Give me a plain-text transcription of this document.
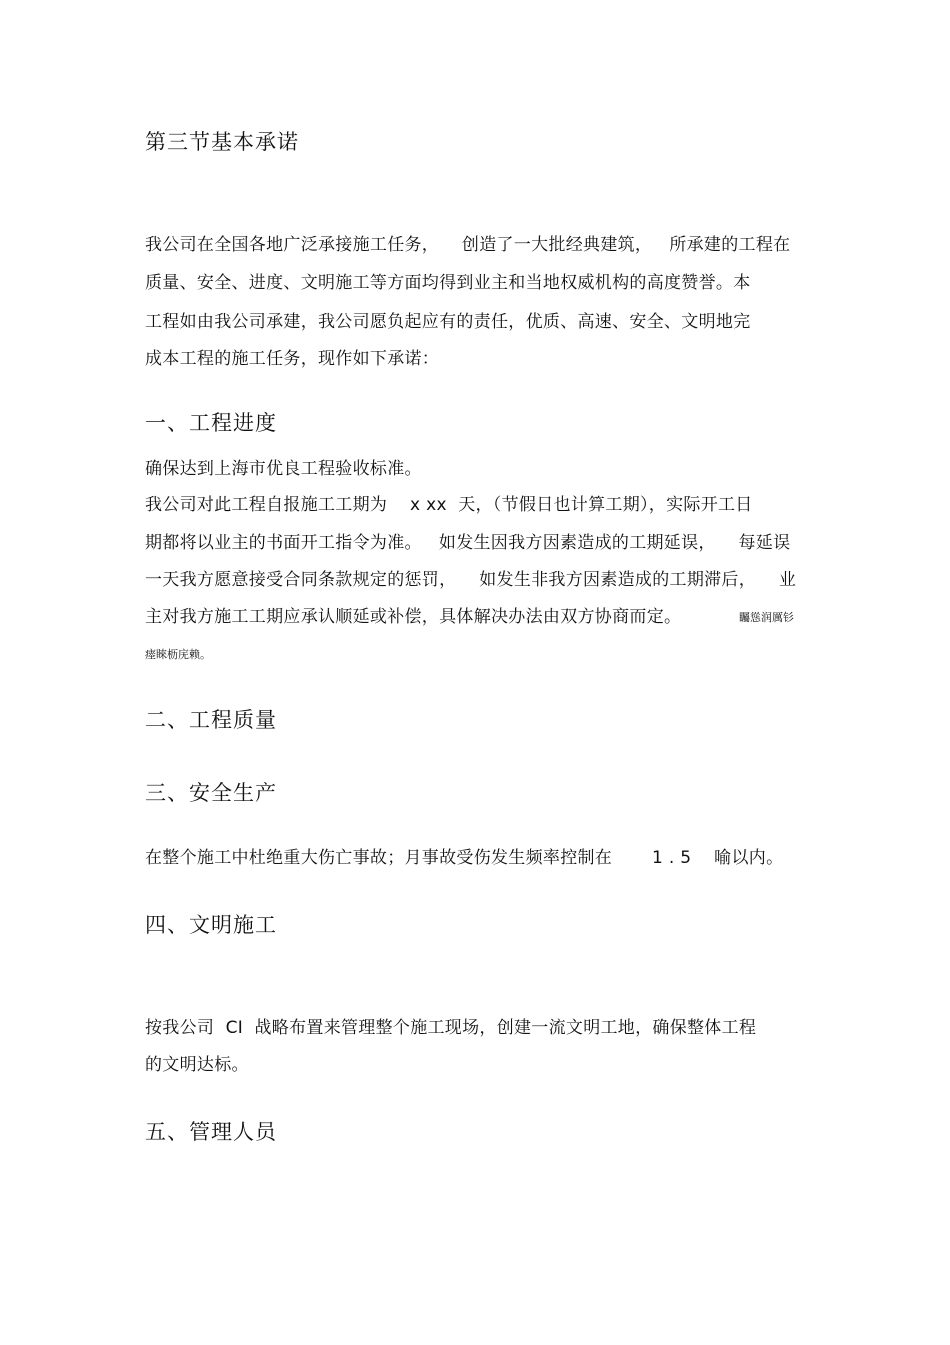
第三节基本承诺
我公司在全国各地广泛承接施工任务，    创造了一大批经典建筑，   所承建的工程在
质量、安全、进度、文明施工等方面均得到业主和当地权威机构的高度赞誉。本
工程如由我公司承建，我公司愿负起应有的责任，优质、高速、安全、文明地完
成本工程的施工任务，现作如下承诺：
一、工程进度
确保达到上海市优良工程验收标准。
我公司对此工程自报施工工期为    x xx  天，（节假日也计算工期），实际开工日
期都将以业主的书面开工指令为准。   如发生因我方因素造成的工期延误，    每延误
一天我方愿意接受合同条款规定的惩罚，    如发生非我方因素造成的工期滞后，    业
主对我方施工工期应承认顺延或补偿，具体解决办法由双方协商而定。	矚慫润厲钐
瘗睞枥庑赖。
二、工程质量
三、安全生产
在整个施工中杜绝重大伤亡事故；月事故受伤发生频率控制在       1 . 5    喻以内。
四、文明施工
按我公司  CI  战略布置来管理整个施工现场，创建一流文明工地，确保整体工程
的文明达标。
五、管理人员
